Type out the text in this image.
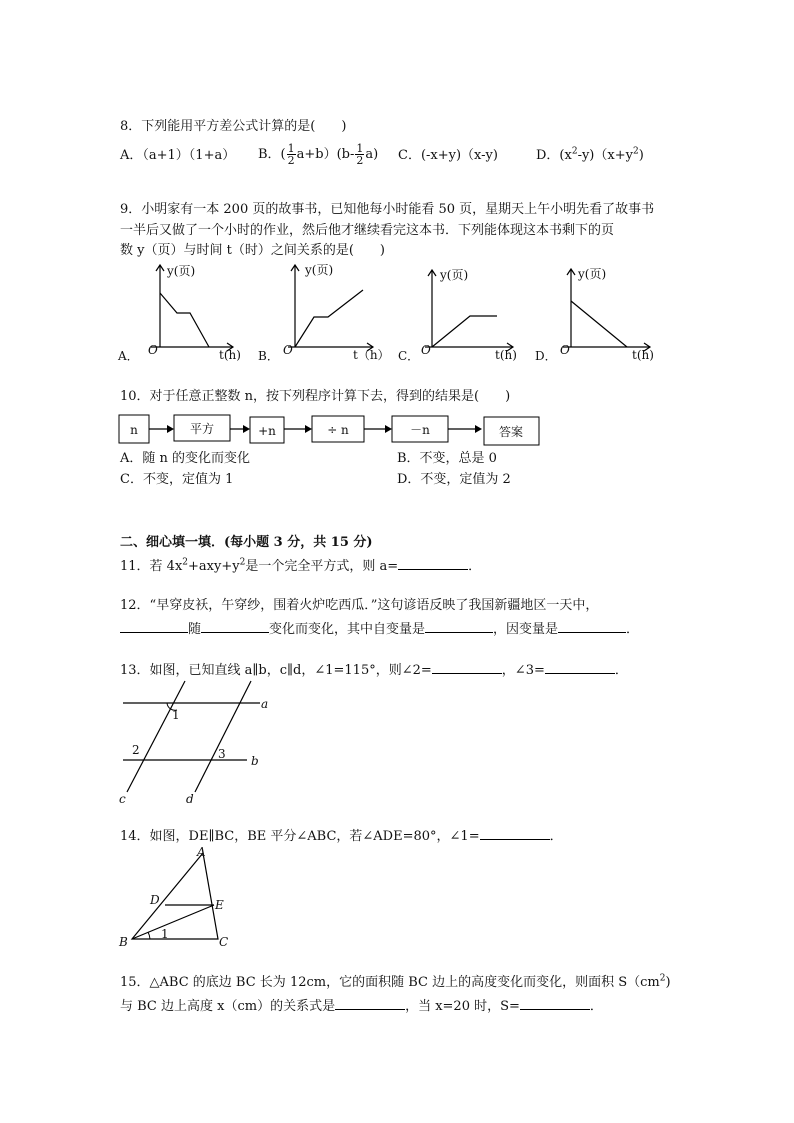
8．下列能用平方差公式计算的是(　　)
A．（a+1）（1+a） B．( $\frac{1}{2} a+b)(b- \frac{1}{2} a)$ C．(-x+y)（x-y)	D．$(x^2-y)(x+y^2)$
9．小明家有一本 200 页的故事书，已知他每小时能看 50 页，星期天上午小明先看了故事书
一半后又做了一个小时的作业，然后他才继续看完这本书．下列能体现这本书剩下的页
数 y（页）与时间 t（时）之间关系的是(　　)
A．
y(页)
O	t(h) B．
y(页)
O	t（h） C．
y(页)
O	t(h) D．
y(页)
O	t(h)
10．对于任意正整数 n，按下列程序计算下去，得到的结果是(　　)
n	平方	+n	÷ n	－n	答案
A．随 n 的变化而变化	B．不变，总是 0
C．不变，定值为 1	D．不变，定值为 2
二、细心填一填．(每小题 3 分，共 15 分)
11．若 $4x^2+axy+y^2$是一个完全平方式，则 a=	．
12．“早穿皮袄，午穿纱，围着火炉吃西瓜．”这句谚语反映了我国新疆地区一天中，
随	变化而变化，其中自变量是	，因变量是	．
13．如图，已知直线 a∥b，c∥d，∠1=115°，则∠2=	，∠3=	．
1
2	3
a
b
c	d
14．如图，DE∥BC，BE 平分∠ABC，若∠ADE=80°，∠1=	．
A
B	C
D	E
1
15．△ABC 的底边 BC 长为 12cm，它的面积随 BC 边上的高度变化而变化，则面积 $S(cm^2)$
与 BC 边上高度 x（cm）的关系式是	，当 x=20 时，S=	．
